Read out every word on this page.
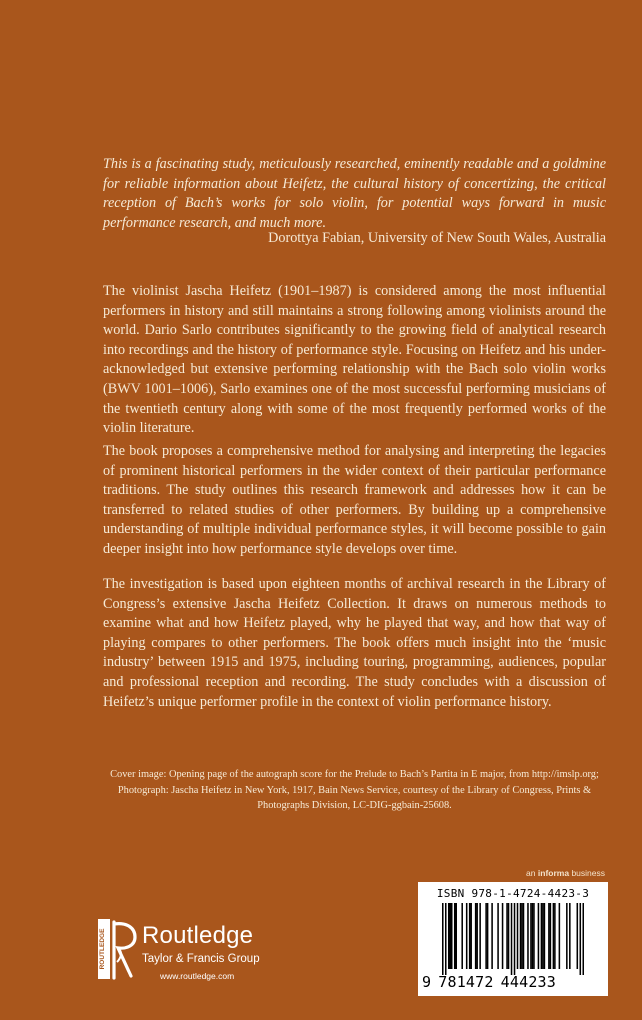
This is a fascinating study, meticulously researched, eminently readable and a goldmine for reliable information about Heifetz, the cultural history of concertizing, the critical reception of Bach’s works for solo violin, for potential ways forward in music performance research, and much more.

Dorottya Fabian, University of New South Wales, Australia

The violinist Jascha Heifetz (1901–1987) is considered among the most influential performers in history and still maintains a strong following among violinists around the world. Dario Sarlo contributes significantly to the growing field of analytical research into recordings and the history of performance style. Focusing on Heifetz and his under-acknowledged but extensive performing relationship with the Bach solo violin works (BWV 1001–1006), Sarlo examines one of the most successful performing musicians of the twentieth century along with some of the most frequently performed works of the violin literature.

The book proposes a comprehensive method for analysing and interpreting the legacies of prominent historical performers in the wider context of their particular performance traditions. The study outlines this research framework and addresses how it can be transferred to related studies of other performers. By building up a comprehensive understanding of multiple individual performance styles, it will become possible to gain deeper insight into how performance style develops over time.

The investigation is based upon eighteen months of archival research in the Library of Congress’s extensive Jascha Heifetz Collection. It draws on numerous methods to examine what and how Heifetz played, why he played that way, and how that way of playing compares to other performers. The book offers much insight into the ‘music industry’ between 1915 and 1975, including touring, programming, audiences, popular and professional reception and recording. The study concludes with a discussion of Heifetz’s unique performer profile in the context of violin performance history.

Cover image: Opening page of the autograph score for the Prelude to Bach’s Partita in E major, from http://imslp.org; Photograph: Jascha Heifetz in New York, 1917, Bain News Service, courtesy of the Library of Congress, Prints & Photographs Division, LC-DIG-ggbain-25608.

an informa business
ROUTLEDGE Routledge
Taylor & Francis Group
www.routledge.com
ISBN 978-1-4724-4423-3
9 781472 444233
